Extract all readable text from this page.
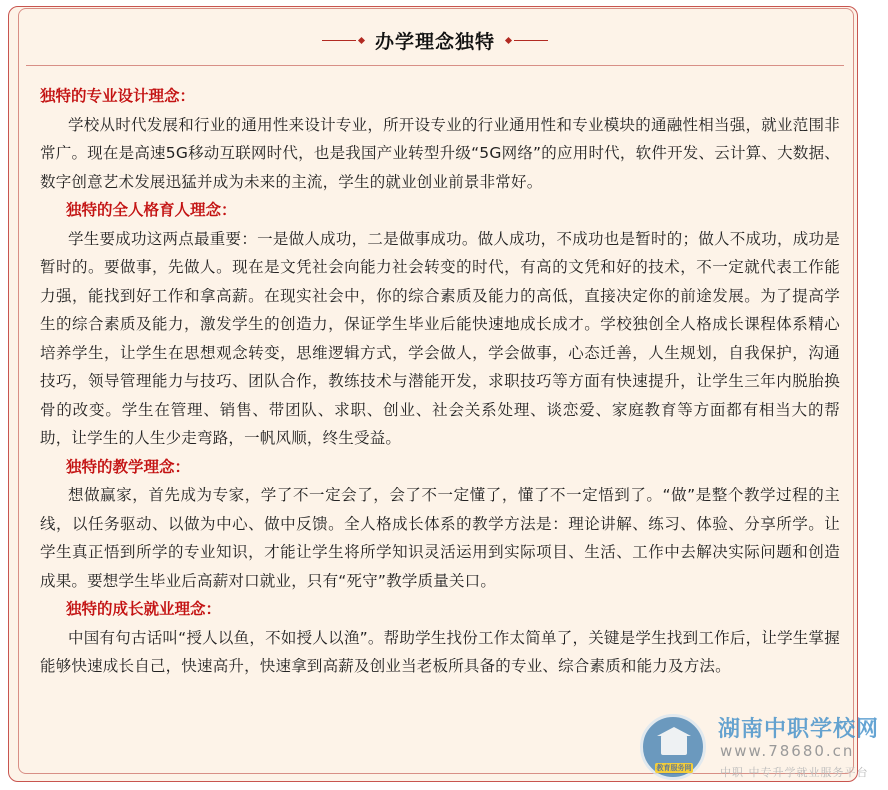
办学理念独特
独特的专业设计理念：
学校从时代发展和行业的通用性来设计专业，所开设专业的行业通用性和专业模块的通融性相当强，就业范围非常广。现在是高速5G移动互联网时代，也是我国产业转型升级“5G网络”的应用时代，软件开发、云计算、大数据、数字创意艺术发展迅猛并成为未来的主流，学生的就业创业前景非常好。
独特的全人格育人理念：
学生要成功这两点最重要：一是做人成功，二是做事成功。做人成功，不成功也是暂时的；做人不成功，成功是暂时的。要做事，先做人。现在是文凭社会向能力社会转变的时代，有高的文凭和好的技术，不一定就代表工作能力强，能找到好工作和拿高薪。在现实社会中，你的综合素质及能力的高低，直接决定你的前途发展。为了提高学生的综合素质及能力，激发学生的创造力，保证学生毕业后能快速地成长成才。学校独创全人格成长课程体系精心培养学生，让学生在思想观念转变，思维逻辑方式，学会做人，学会做事，心态迁善，人生规划，自我保护，沟通技巧，领导管理能力与技巧、团队合作，教练技术与潜能开发，求职技巧等方面有快速提升，让学生三年内脱胎换骨的改变。学生在管理、销售、带团队、求职、创业、社会关系处理、谈恋爱、家庭教育等方面都有相当大的帮助，让学生的人生少走弯路，一帆风顺，终生受益。
独特的教学理念：
想做赢家，首先成为专家，学了不一定会了，会了不一定懂了，懂了不一定悟到了。“做”是整个教学过程的主线，以任务驱动、以做为中心、做中反馈。全人格成长体系的教学方法是：理论讲解、练习、体验、分享所学。让学生真正悟到所学的专业知识，才能让学生将所学知识灵活运用到实际项目、生活、工作中去解决实际问题和创造成果。要想学生毕业后高薪对口就业，只有“死守”教学质量关口。
独特的成长就业理念：
中国有句古话叫“授人以鱼，不如授人以渔”。帮助学生找份工作太简单了，关键是学生找到工作后，让学生掌握能够快速成长自己，快速高升，快速拿到高薪及创业当老板所具备的专业、综合素质和能力及方法。
教育服务网
湖南中职学校网
www.78680.cn
中职 中专升学就业服务平台
